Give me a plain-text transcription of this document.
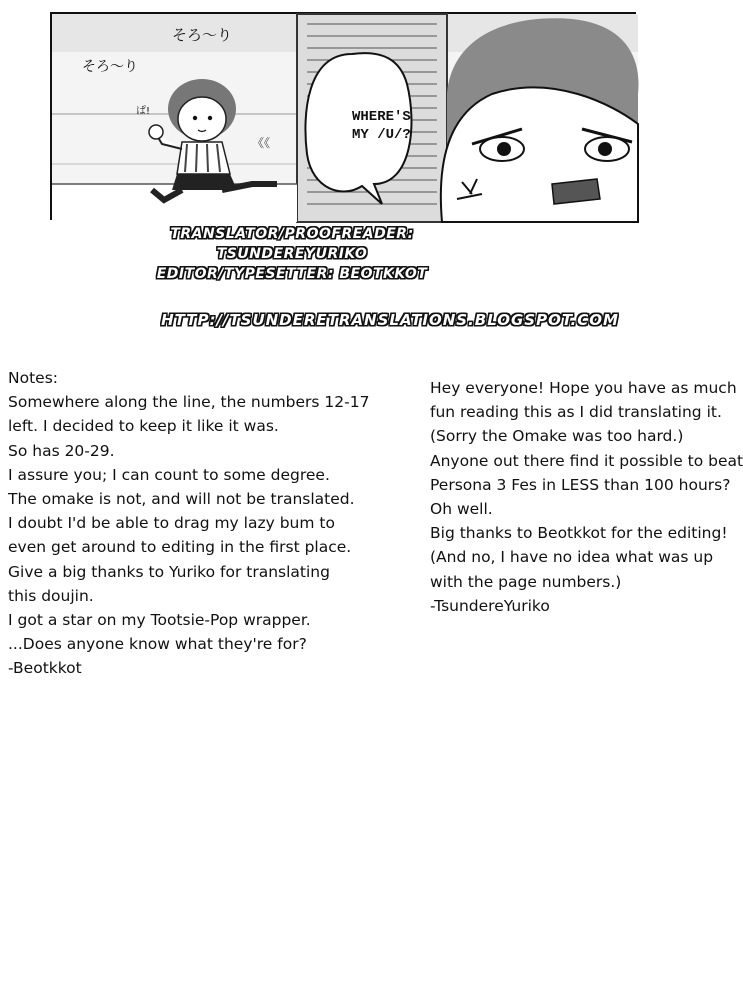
WHERE'S
MY /U/?
そろ～り
そろ～り
ぱ!
《《
TRANSLATOR/PROOFREADER:
TSUNDEREYURIKO
EDITOR/TYPESETTER: BEOTKKOT
HTTP://TSUNDERETRANSLATIONS.BLOGSPOT.COM
Notes:
Somewhere along the line, the numbers 12-17
left. I decided to keep it like it was.
So has 20-29.
I assure you; I can count to some degree.
The omake is not, and will not be translated.
I doubt I'd be able to drag my lazy bum to
even get around to editing in the first place.
Give a big thanks to Yuriko for translating
this doujin.
I got a star on my Tootsie-Pop wrapper.
...Does anyone know what they're for?
-Beotkkot
Hey everyone! Hope you have as much
fun reading this as I did translating it.
(Sorry the Omake was too hard.)
Anyone out there find it possible to beat
Persona 3 Fes in LESS than 100 hours?
Oh well.
Big thanks to Beotkkot for the editing!
(And no, I have no idea what was up
with the page numbers.)
-TsundereYuriko
